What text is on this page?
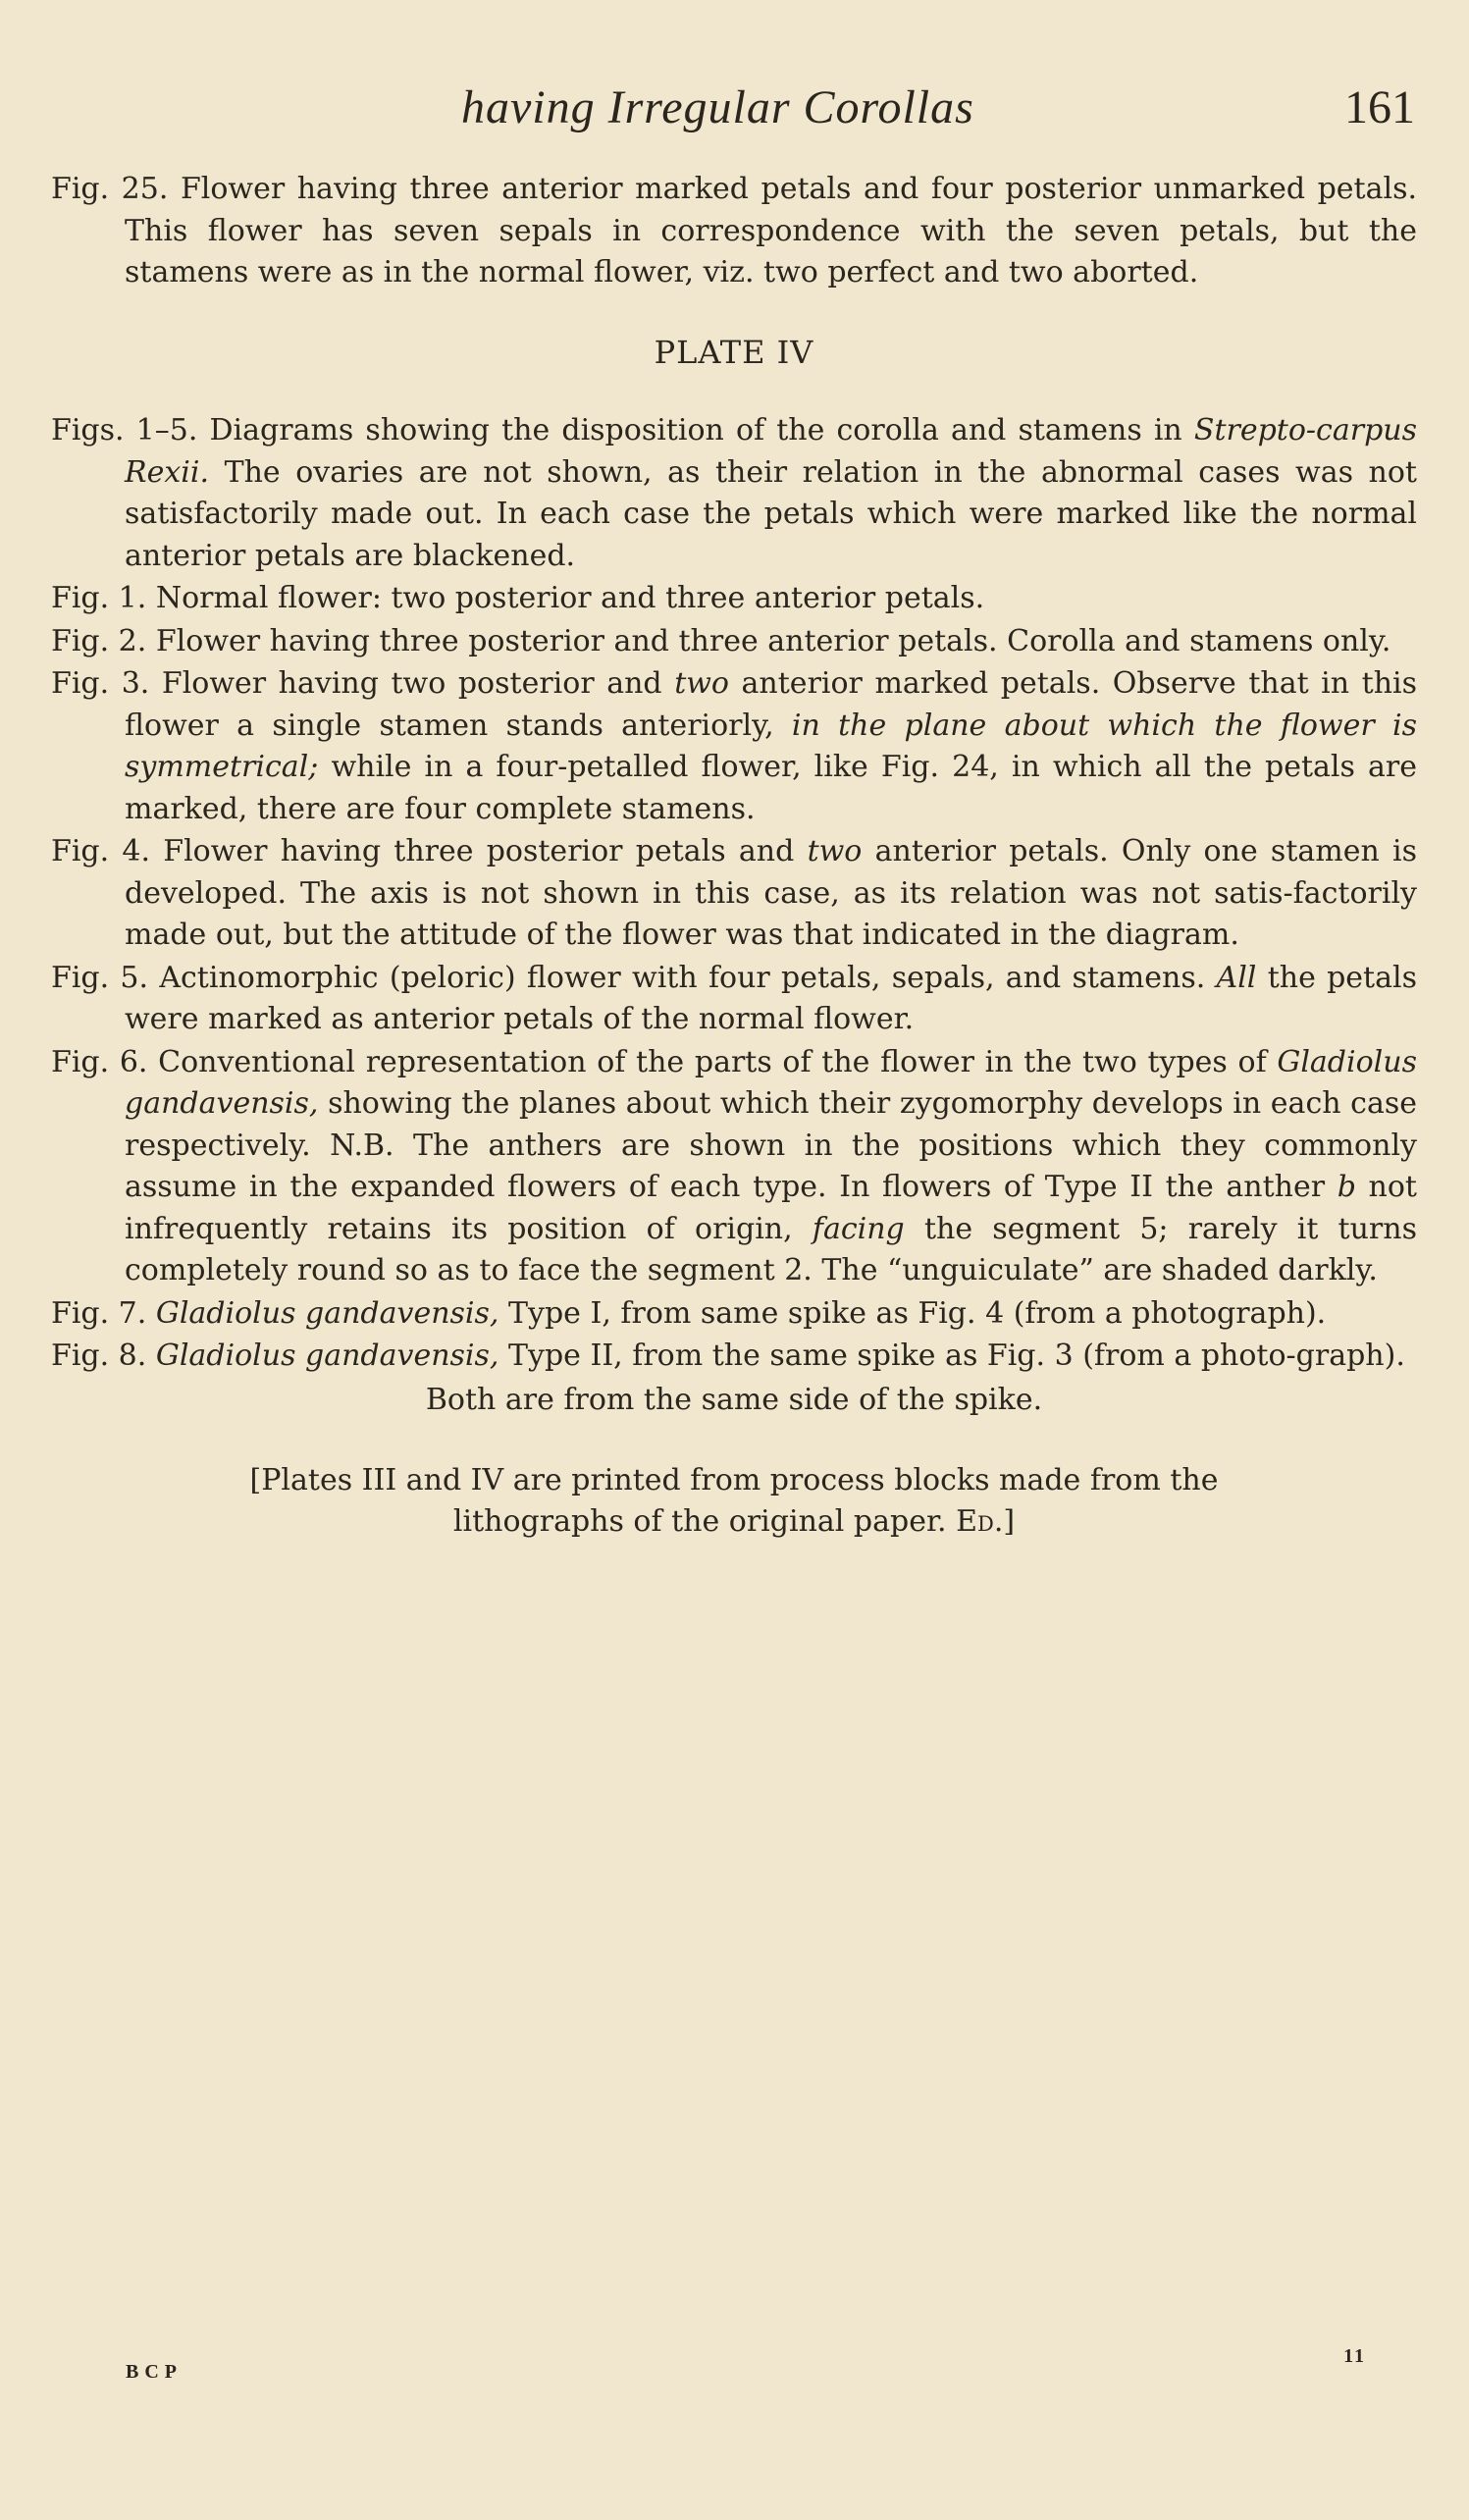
having Irregular Corollas	161

Fig. 25. Flower having three anterior marked petals and four posterior unmarked petals. This flower has seven sepals in correspondence with the seven petals, but the stamens were as in the normal flower, viz. two perfect and two aborted.

PLATE IV

Figs. 1–5. Diagrams showing the disposition of the corolla and stamens in Strepto-carpus Rexii. The ovaries are not shown, as their relation in the abnormal cases was not satisfactorily made out. In each case the petals which were marked like the normal anterior petals are blackened.

Fig. 1. Normal flower: two posterior and three anterior petals.

Fig. 2. Flower having three posterior and three anterior petals. Corolla and stamens only.

Fig. 3. Flower having two posterior and two anterior marked petals. Observe that in this flower a single stamen stands anteriorly, in the plane about which the flower is symmetrical; while in a four-petalled flower, like Fig. 24, in which all the petals are marked, there are four complete stamens.

Fig. 4. Flower having three posterior petals and two anterior petals. Only one stamen is developed. The axis is not shown in this case, as its relation was not satis-factorily made out, but the attitude of the flower was that indicated in the diagram.

Fig. 5. Actinomorphic (peloric) flower with four petals, sepals, and stamens. All the petals were marked as anterior petals of the normal flower.

Fig. 6. Conventional representation of the parts of the flower in the two types of Gladiolus gandavensis, showing the planes about which their zygomorphy develops in each case respectively. N.B. The anthers are shown in the positions which they commonly assume in the expanded flowers of each type. In flowers of Type II the anther b not infrequently retains its position of origin, facing the segment 5; rarely it turns completely round so as to face the segment 2. The “unguiculate” are shaded darkly.

Fig. 7. Gladiolus gandavensis, Type I, from same spike as Fig. 4 (from a photograph).

Fig. 8. Gladiolus gandavensis, Type II, from the same spike as Fig. 3 (from a photo-graph).

Both are from the same side of the spike.

[Plates III and IV are printed from process blocks made from the lithographs of the original paper. Ed.]

BCP
11
